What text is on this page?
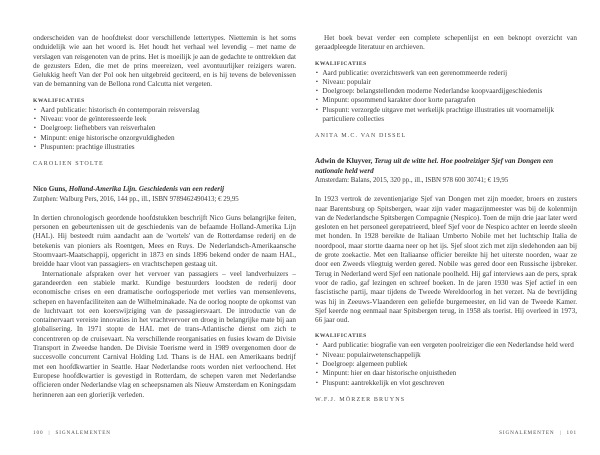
onderscheiden van de hoofdtekst door verschillende lettertypes. Niettemin is het soms onduidelijk wie aan het woord is. Het houdt het verhaal wel levendig – met name de verslagen van reisgenoten van de prins. Het is moeilijk je aan de gedachte te onttrekken dat de gezusters Eden, die met de prins meereizen, veel avontuurlijker reizigers waren. Gelukkig heeft Van der Pol ook hen uitgebreid geciteerd, en is hij tevens de belevenissen van de bemanning van de Bellona rond Calcutta niet vergeten.

KWALIFICATIES
▪ Aard publicatie: historisch én contemporain reisverslag
▪ Niveau: voor de geïnteresseerde leek
▪ Doelgroep: liefhebbers van reisverhalen
▪ Minpunt: enige historische onzorgvuldigheden
▪ Pluspunten: prachtige illustraties
CAROLIEN STOLTE
Nico Guns, Holland-Amerika Lijn. Geschiedenis van een rederij

Zutphen: Walburg Pers, 2016, 144 pp., ill., ISBN 9789462490413; € 29,95

In dertien chronologisch geordende hoofdstukken beschrijft Nico Guns belangrijke feiten, personen en gebeurtenissen uit de geschiedenis van de befaamde Holland-Amerika Lijn (HAL). Hij besteedt ruim aandacht aan de 'wortels' van de Rotterdamse rederij en de betekenis van pioniers als Roentgen, Mees en Ruys. De Nederlandsch-Amerikaansche Stoomvaart-Maatschappij, opgericht in 1873 en sinds 1896 bekend onder de naam HAL, breidde haar vloot van passagiers- en vrachtschepen gestaag uit.

Internationale afspraken over het vervoer van passagiers – veel landverhuizers – garandeerden een stabiele markt. Kundige bestuurders loodsten de rederij door economische crises en een dramatische oorlogsperiode met verlies van mensenlevens, schepen en havenfaciliteiten aan de Wilhelminakade. Na de oorlog noopte de opkomst van de luchtvaart tot een koerswijziging van de passagiersvaart. De introductie van de containervaart vereiste innovaties in het vrachtvervoer en droeg in belangrijke mate bij aan globalisering. In 1971 stopte de HAL met de trans-Atlantische dienst om zich te concentreren op de cruisevaart. Na verschillende reorganisaties en fusies kwam de Divisie Transport in Zweedse handen. De Divisie Toerisme werd in 1989 overgenomen door de succesvolle concurrent Carnival Holding Ltd. Thans is de HAL een Amerikaans bedrijf met een hoofdkwartier in Seattle. Haar Nederlandse roots worden niet verloochend. Het Europese hoofdkwartier is gevestigd in Rotterdam, de schepen varen met Nederlandse officieren onder Nederlandse vlag en scheepsnamen als Nieuw Amsterdam en Koningsdam herinneren aan een glorierijk verleden.

Het boek bevat verder een complete schepenlijst en een beknopt overzicht van geraadpleegde literatuur en archieven.

KWALIFICATIES
▪ Aard publicatie: overzichtswerk van een gerenommeerde rederij
▪ Niveau: populair
▪ Doelgroep: belangstellenden moderne Nederlandse koopvaardijgeschiedenis
▪ Minpunt: opsommend karakter door korte paragrafen
▪ Pluspunt: verzorgde uitgave met werkelijk prachtige illustraties uit voornamelijk particuliere collecties
ANITA M.C. VAN DISSEL
Adwin de Kluyver, Terug uit de witte hel. Hoe poolreiziger Sjef van Dongen een nationale held werd

Amsterdam: Balans, 2015, 320 pp., ill., ISBN 978 600 30741; € 19,95

In 1923 vertrok de zeventienjarige Sjef van Dongen met zijn moeder, broers en zusters naar Barentsburg op Spitsbergen, waar zijn vader magazijnmeester was bij de kolenmijn van de Nederlandsche Spitsbergen Compagnie (Nespico). Toen de mijn drie jaar later werd gesloten en het personeel gerepatrieerd, bleef Sjef voor de Nespico achter en leerde sleeën met honden. In 1928 bereikte de Italiaan Umberto Nobile met het luchtschip Italia de noordpool, maar stortte daarna neer op het ijs. Sjef sloot zich met zijn sledehonden aan bij de grote zoekactie. Met een Italiaanse officier bereikte hij het uiterste noorden, waar ze door een Zweeds vliegtuig werden gered. Nobile was gered door een Russische ijsbreker. Terug in Nederland werd Sjef een nationale poolheld. Hij gaf interviews aan de pers, sprak voor de radio, gaf lezingen en schreef boeken. In de jaren 1930 was Sjef actief in een fascistische partij, maar tijdens de Tweede Wereldoorlog in het verzet. Na de bevrijding was hij in Zeeuws-Vlaanderen een geliefde burgemeester, en lid van de Tweede Kamer. Sjef keerde nog eenmaal naar Spitsbergen terug, in 1958 als toerist. Hij overleed in 1973, 66 jaar oud.

KWALIFICATIES
▪ Aard publicatie: biografie van een vergeten poolreiziger die een Nederlandse held werd
▪ Niveau: populairwetenschappelijk
▪ Doelgroep: algemeen publiek
▪ Minpunt: hier en daar historische onjuistheden
▪ Pluspunt: aantrekkelijk en vlot geschreven
W.F.J. MÖRZER BRUYNS
100 | SIGNALEMENTEN	SIGNALEMENTEN | 101
